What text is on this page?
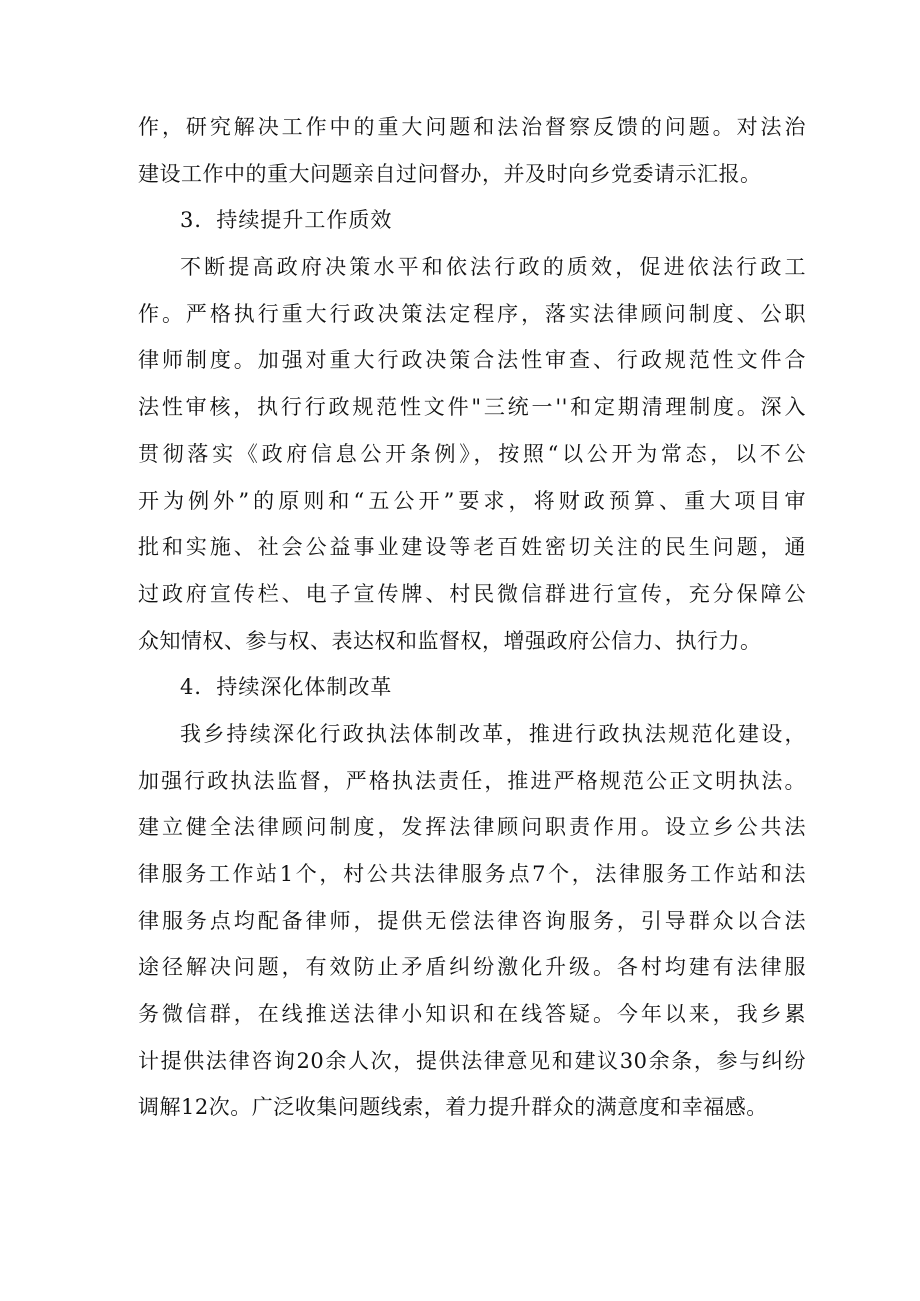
作，研究解决工作中的重大问题和法治督察反馈的问题。对法治
建设工作中的重大问题亲自过问督办，并及时向乡党委请示汇报。
3．持续提升工作质效
不断提高政府决策水平和依法行政的质效，促进依法行政工
作。严格执行重大行政决策法定程序，落实法律顾问制度、公职
律师制度。加强对重大行政决策合法性审查、行政规范性文件合
法性审核，执行行政规范性文件"三统一''和定期清理制度。深入
贯彻落实《政府信息公开条例》，按照“以公开为常态，以不公
开为例外”的原则和“五公开”要求，将财政预算、重大项目审
批和实施、社会公益事业建设等老百姓密切关注的民生问题，通
过政府宣传栏、电子宣传牌、村民微信群进行宣传，充分保障公
众知情权、参与权、表达权和监督权，增强政府公信力、执行力。
4．持续深化体制改革
我乡持续深化行政执法体制改革，推进行政执法规范化建设，
加强行政执法监督，严格执法责任，推进严格规范公正文明执法。
建立健全法律顾问制度，发挥法律顾问职责作用。设立乡公共法
律服务工作站1个，村公共法律服务点7个，法律服务工作站和法
律服务点均配备律师，提供无偿法律咨询服务，引导群众以合法
途径解决问题，有效防止矛盾纠纷激化升级。各村均建有法律服
务微信群，在线推送法律小知识和在线答疑。今年以来，我乡累
计提供法律咨询20余人次，提供法律意见和建议30余条，参与纠纷
调解12次。广泛收集问题线索，着力提升群众的满意度和幸福感。
